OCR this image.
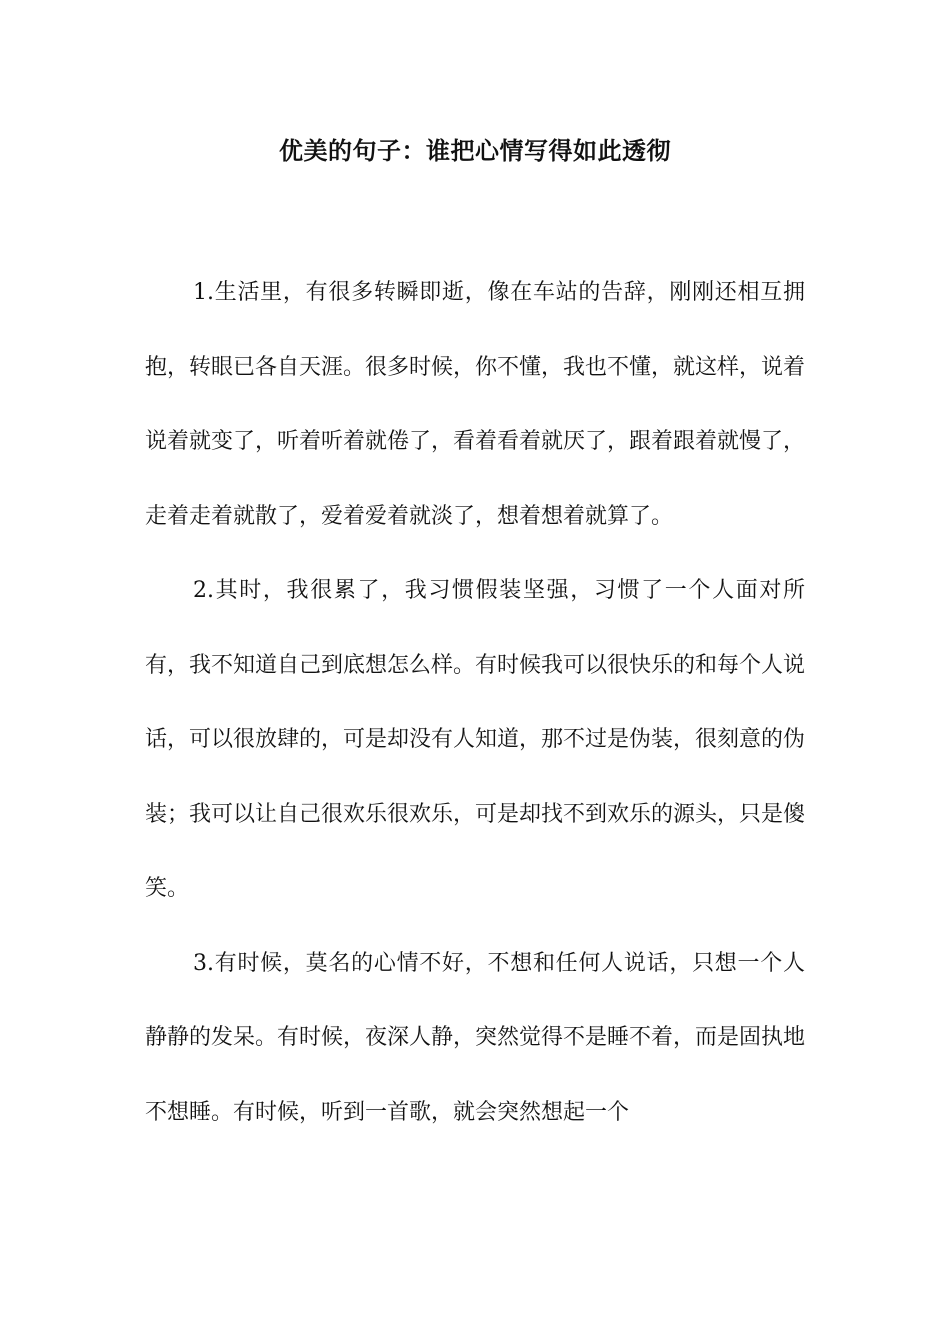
优美的句子：谁把心情写得如此透彻

1.生活里，有很多转瞬即逝，像在车站的告辞，刚刚还相互拥抱，转眼已各自天涯。很多时候，你不懂，我也不懂，就这样，说着说着就变了，听着听着就倦了，看着看着就厌了，跟着跟着就慢了，走着走着就散了，爱着爱着就淡了，想着想着就算了。

2.其时，我很累了，我习惯假装坚强，习惯了一个人面对所有，我不知道自己到底想怎么样。有时候我可以很快乐的和每个人说话，可以很放肆的，可是却没有人知道，那不过是伪装，很刻意的伪装；我可以让自己很欢乐很欢乐，可是却找不到欢乐的源头，只是傻笑。

3.有时候，莫名的心情不好，不想和任何人说话，只想一个人静静的发呆。有时候，夜深人静，突然觉得不是睡不着，而是固执地不想睡。有时候，听到一首歌，就会突然想起一个
